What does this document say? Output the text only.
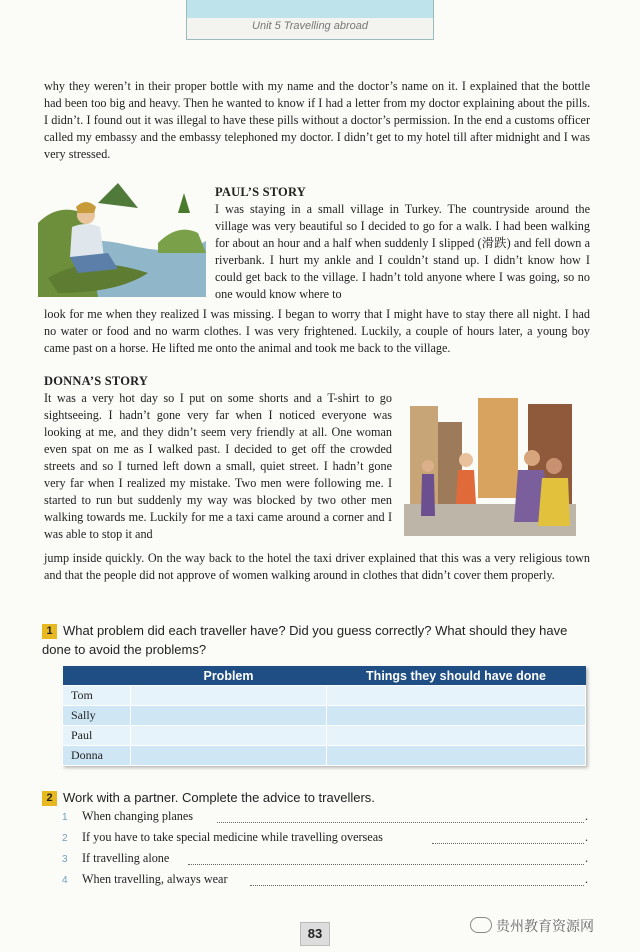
Unit 5 Travelling abroad

why they weren’t in their proper bottle with my name and the doctor’s name on it. I explained that the bottle had been too big and heavy. Then he wanted to know if I had a letter from my doctor explaining about the pills. I didn’t. I found out it was illegal to have these pills without a doctor’s permission. In the end a customs officer called my embassy and the embassy telephoned my doctor. I didn’t get to my hotel till after midnight and I was very stressed.

PAUL’S STORY

I was staying in a small village in Turkey. The countryside around the village was very beautiful so I decided to go for a walk. I had been walking for about an hour and a half when suddenly I slipped (滑跌) and fell down a riverbank. I hurt my ankle and I couldn’t stand up. I didn’t know how I could get back to the village. I hadn’t told anyone where I was going, so no one would know where to

look for me when they realized I was missing. I began to worry that I might have to stay there all night. I had no water or food and no warm clothes. I was very frightened. Luckily, a couple of hours later, a young boy came past on a horse. He lifted me onto the animal and took me back to the village.

DONNA’S STORY

It was a very hot day so I put on some shorts and a T-shirt to go sightseeing. I hadn’t gone very far when I noticed everyone was looking at me, and they didn’t seem very friendly at all. One woman even spat on me as I walked past. I decided to get off the crowded streets and so I turned left down a small, quiet street. I hadn’t gone very far when I realized my mistake. Two men were following me. I started to run but suddenly my way was blocked by two other men walking towards me. Luckily for me a taxi came around a corner and I was able to stop it and

jump inside quickly. On the way back to the hotel the taxi driver explained that this was a very religious town and that the people did not approve of women walking around in clothes that didn’t cover them properly.

1 What problem did each traveller have? Did you guess correctly? What should they have done to avoid the problems?
	Problem	Things they should have done
Tom		
Sally		
Paul		
Donna		
2 Work with a partner. Complete the advice to travellers.
1 When changing planes	.
2 If you have to take special medicine while travelling overseas	.
3 If travelling alone	.
4 When travelling, always wear	.
83	贵州教育资源网
